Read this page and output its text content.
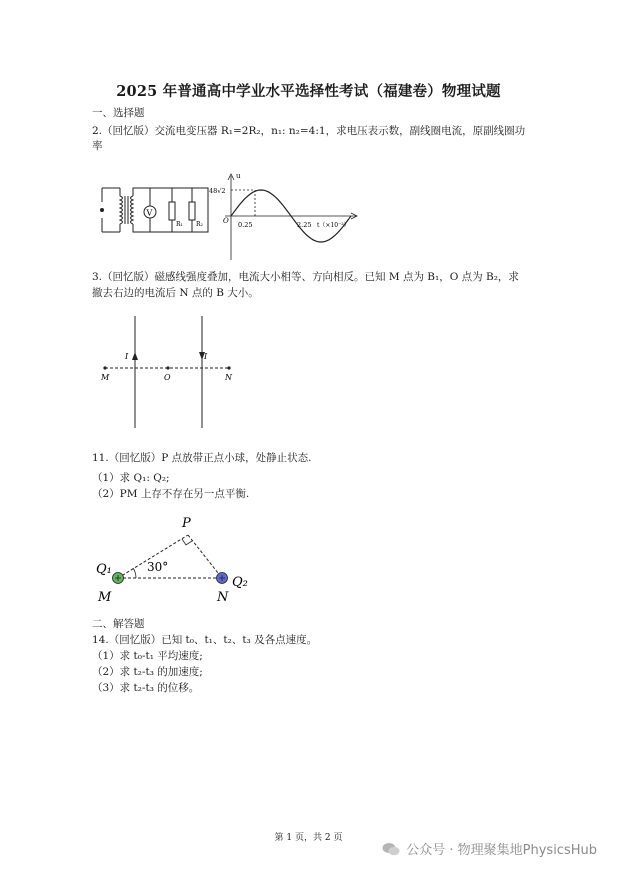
2025 年普通高中学业水平选择性考试（福建卷）物理试题
一、选择题
2.（回忆版）交流电变压器 R₁=2R₂，n₁: n₂=4:1，求电压表示数，副线圈电流，原副线圈功
率
V
R₁ R₂
u
48√2
O 0.25	2.25 t（×10⁻²）
3.（回忆版）磁感线强度叠加，电流大小相等、方向相反。已知 M 点为 B₁，O 点为 B₂，求
撤去右边的电流后 N 点的 B 大小。
I	I
M	O	N
11.（回忆版）P 点放带正点小球，处静止状态.
（1）求 Q₁: Q₂;
（2）PM 上存不存在另一点平衡.
P
30°
Q₁
Q₂
M	N
二、解答题
14.（回忆版）已知 t₀、t₁、t₂、t₃ 及各点速度。
（1）求 t₀-t₁ 平均速度;
（2）求 t₂-t₃ 的加速度;
（3）求 t₂-t₃ 的位移。
第 1 页，共 2 页
公众号 · 物理聚集地PhysicsHub
